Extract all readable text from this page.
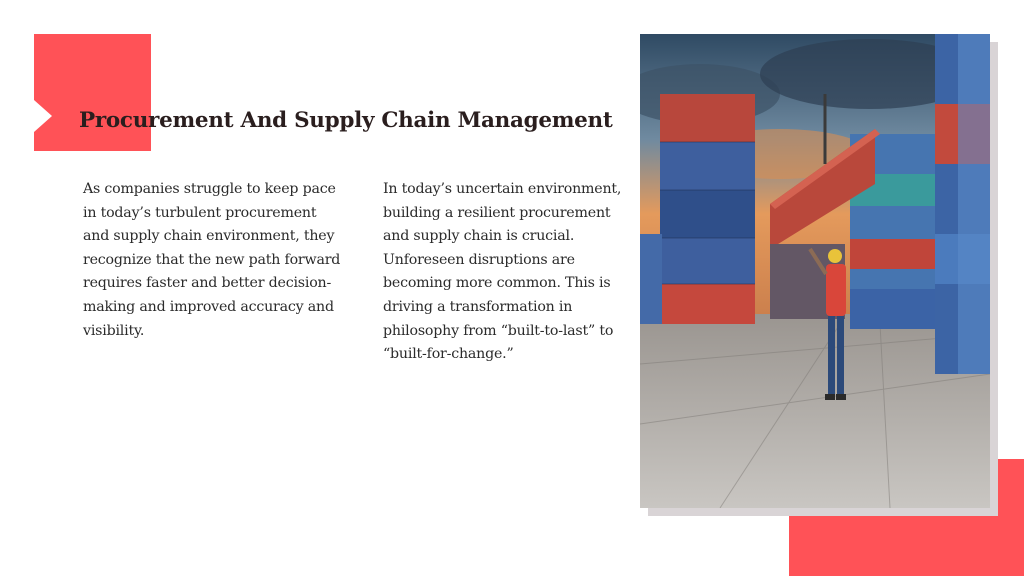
Procurement And Supply Chain Management

As companies struggle to keep pace in today’s turbulent procurement and supply chain environment, they recognize that the new path forward requires faster and better decision-making and improved accuracy and visibility.

In today’s uncertain environment, building a resilient procurement and supply chain is crucial. Unforeseen disruptions are becoming more common. This is driving a transformation in philosophy from “built-to-last” to “built-for-change.”
